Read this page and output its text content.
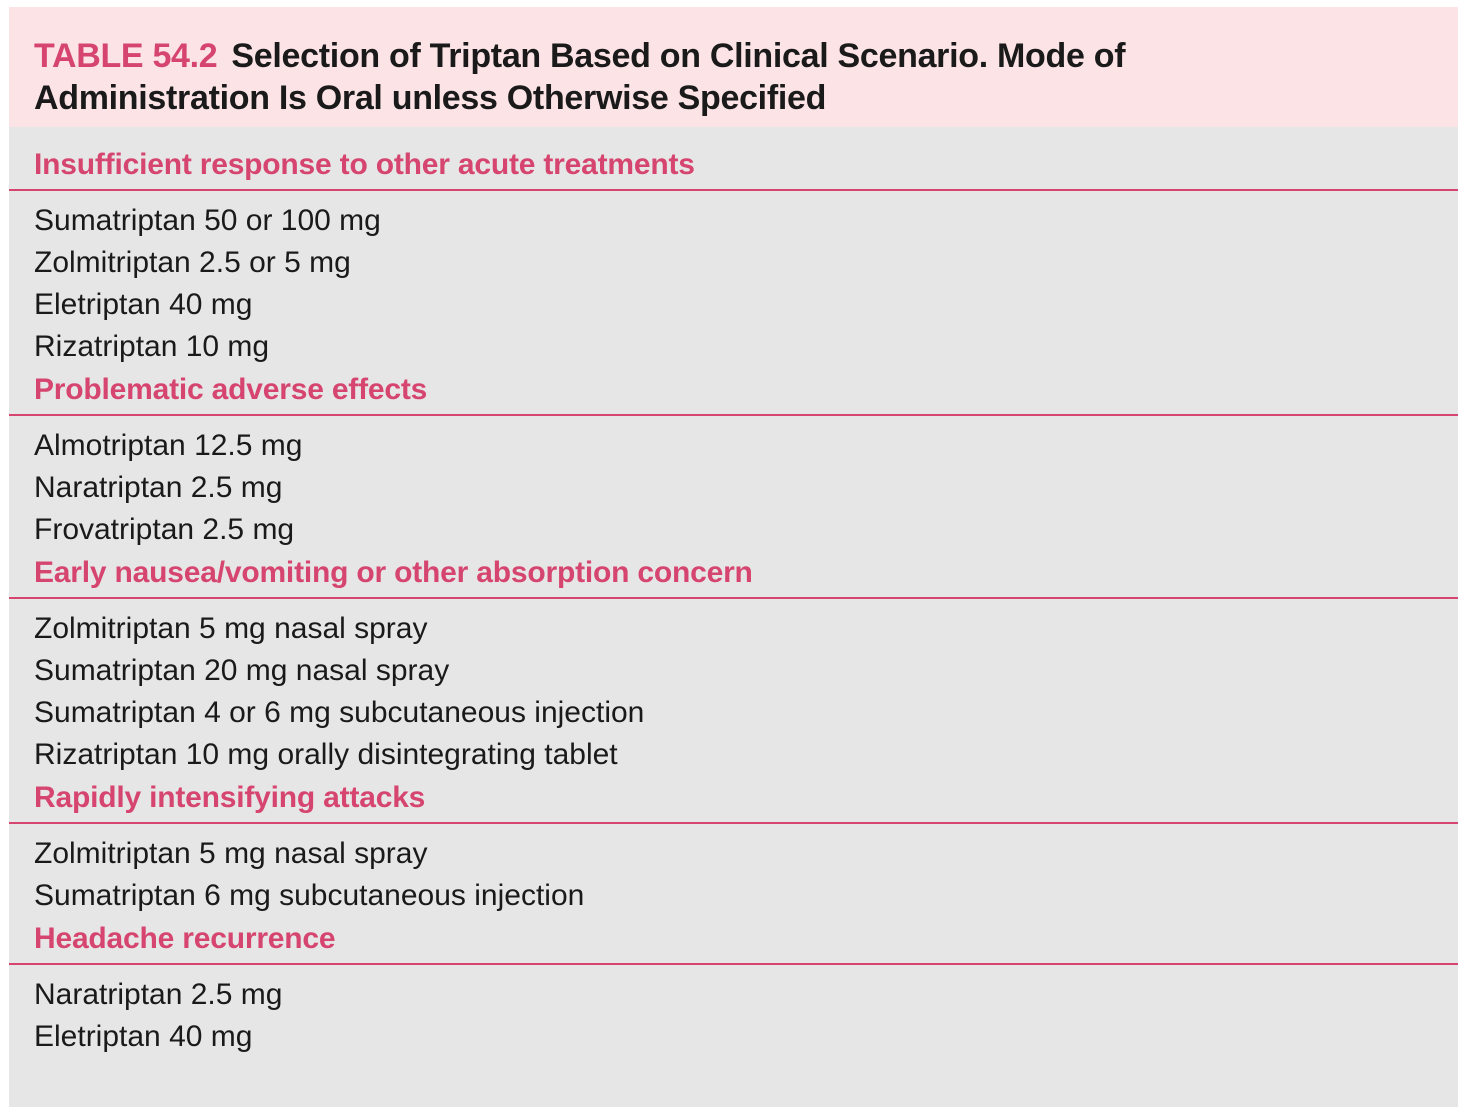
TABLE 54.2 Selection of Triptan Based on Clinical Scenario. Mode of
Administration Is Oral unless Otherwise Specified
Insufficient response to other acute treatments
Sumatriptan 50 or 100 mg
Zolmitriptan 2.5 or 5 mg
Eletriptan 40 mg
Rizatriptan 10 mg
Problematic adverse effects
Almotriptan 12.5 mg
Naratriptan 2.5 mg
Frovatriptan 2.5 mg
Early nausea/vomiting or other absorption concern
Zolmitriptan 5 mg nasal spray
Sumatriptan 20 mg nasal spray
Sumatriptan 4 or 6 mg subcutaneous injection
Rizatriptan 10 mg orally disintegrating tablet
Rapidly intensifying attacks
Zolmitriptan 5 mg nasal spray
Sumatriptan 6 mg subcutaneous injection
Headache recurrence
Naratriptan 2.5 mg
Eletriptan 40 mg
